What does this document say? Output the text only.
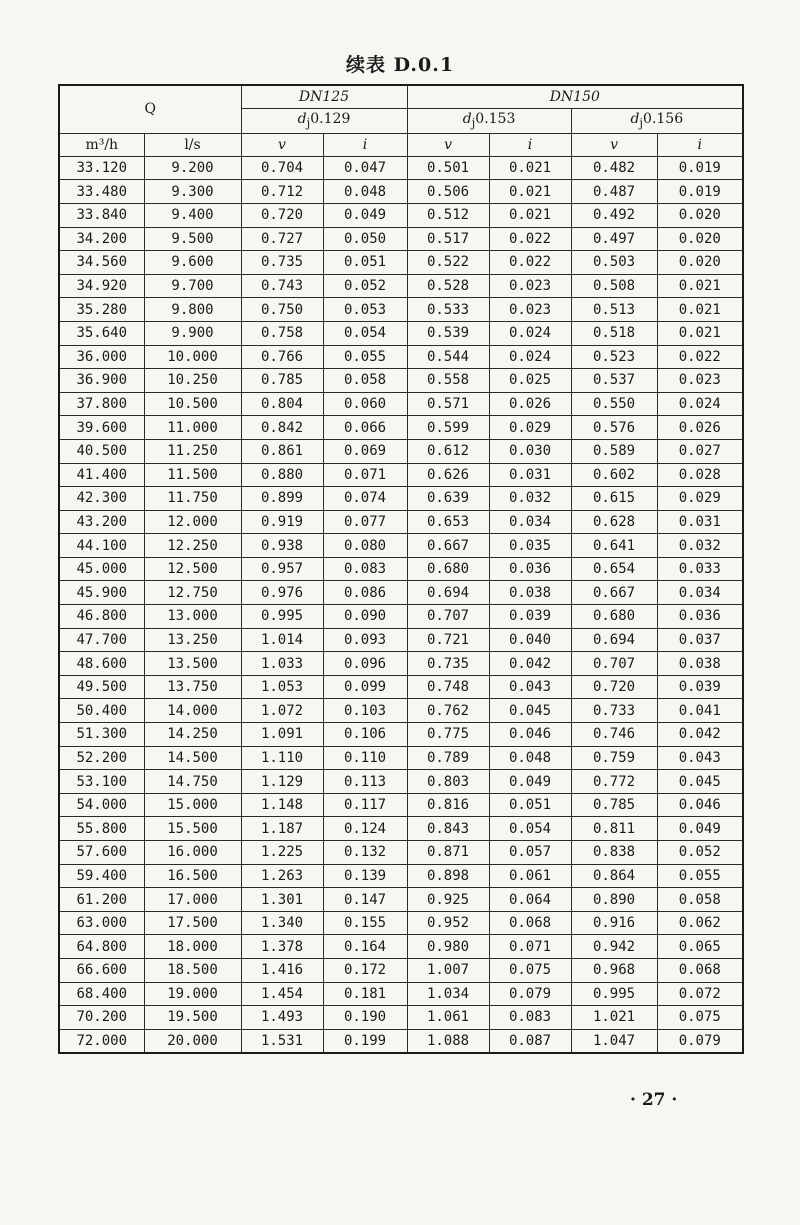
续表 D.0.1
Q		DN125		DN150			
		$d_j0.129$		$d_j0.153$		$d_j0.156$	
m³/h	l/s	v	i	v	i	v	i
33.120	9.200	0.704	0.047	0.501	0.021	0.482	0.019
33.480	9.300	0.712	0.048	0.506	0.021	0.487	0.019
33.840	9.400	0.720	0.049	0.512	0.021	0.492	0.020
34.200	9.500	0.727	0.050	0.517	0.022	0.497	0.020
34.560	9.600	0.735	0.051	0.522	0.022	0.503	0.020
34.920	9.700	0.743	0.052	0.528	0.023	0.508	0.021
35.280	9.800	0.750	0.053	0.533	0.023	0.513	0.021
35.640	9.900	0.758	0.054	0.539	0.024	0.518	0.021
36.000	10.000	0.766	0.055	0.544	0.024	0.523	0.022
36.900	10.250	0.785	0.058	0.558	0.025	0.537	0.023
37.800	10.500	0.804	0.060	0.571	0.026	0.550	0.024
39.600	11.000	0.842	0.066	0.599	0.029	0.576	0.026
40.500	11.250	0.861	0.069	0.612	0.030	0.589	0.027
41.400	11.500	0.880	0.071	0.626	0.031	0.602	0.028
42.300	11.750	0.899	0.074	0.639	0.032	0.615	0.029
43.200	12.000	0.919	0.077	0.653	0.034	0.628	0.031
44.100	12.250	0.938	0.080	0.667	0.035	0.641	0.032
45.000	12.500	0.957	0.083	0.680	0.036	0.654	0.033
45.900	12.750	0.976	0.086	0.694	0.038	0.667	0.034
46.800	13.000	0.995	0.090	0.707	0.039	0.680	0.036
47.700	13.250	1.014	0.093	0.721	0.040	0.694	0.037
48.600	13.500	1.033	0.096	0.735	0.042	0.707	0.038
49.500	13.750	1.053	0.099	0.748	0.043	0.720	0.039
50.400	14.000	1.072	0.103	0.762	0.045	0.733	0.041
51.300	14.250	1.091	0.106	0.775	0.046	0.746	0.042
52.200	14.500	1.110	0.110	0.789	0.048	0.759	0.043
53.100	14.750	1.129	0.113	0.803	0.049	0.772	0.045
54.000	15.000	1.148	0.117	0.816	0.051	0.785	0.046
55.800	15.500	1.187	0.124	0.843	0.054	0.811	0.049
57.600	16.000	1.225	0.132	0.871	0.057	0.838	0.052
59.400	16.500	1.263	0.139	0.898	0.061	0.864	0.055
61.200	17.000	1.301	0.147	0.925	0.064	0.890	0.058
63.000	17.500	1.340	0.155	0.952	0.068	0.916	0.062
64.800	18.000	1.378	0.164	0.980	0.071	0.942	0.065
66.600	18.500	1.416	0.172	1.007	0.075	0.968	0.068
68.400	19.000	1.454	0.181	1.034	0.079	0.995	0.072
70.200	19.500	1.493	0.190	1.061	0.083	1.021	0.075
72.000	20.000	1.531	0.199	1.088	0.087	1.047	0.079
· 27 ·
